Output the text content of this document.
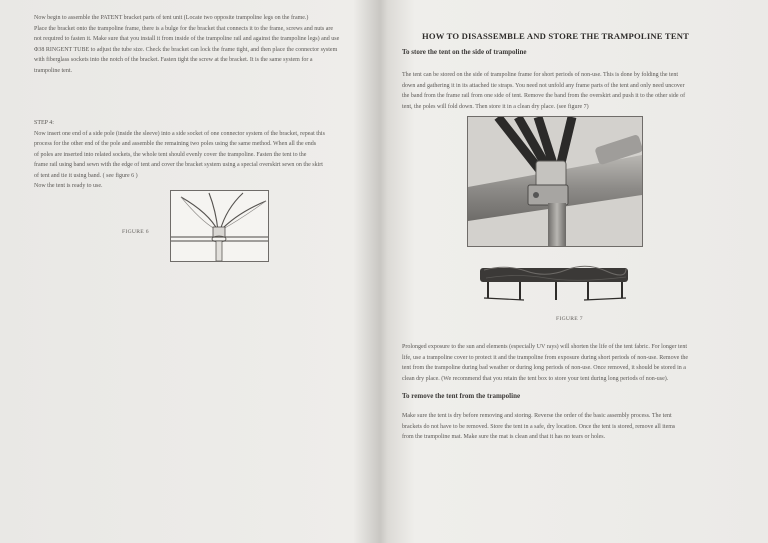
Now begin to assemble the PATENT bracket parts of tent unit (Locate two opposite trampoline legs on the frame.)
Place the bracket onto the trampoline frame, there is a bulge for the bracket that connects it to the frame, screws and nuts are
not required to fasten it. Make sure that you install it from inside of the trampoline rail and against the trampoline legs) and use
Φ38 RINGENT TUBE to adjust the tube size. Check the bracket can lock the frame tight, and then place the connector system
with fiberglass sockets into the notch of the bracket. Fasten tight the screw at the bracket. It is the same system for a
trampoline tent.
STEP 4:
Now insert one end of a side pole (inside the sleeve) into a side socket of one connector system of the bracket, repeat this
process for the other end of the pole and assemble the remaining two poles using the same method. When all the ends
of poles are inserted into related sockets, the whole tent should evenly cover the trampoline. Fasten the tent to the
frame rail using band sewn with the edge of tent and cover the bracket system using a special overskirt sewn on the skirt
of tent and tie it using band. ( see figure 6 )
Now the tent is ready to use.
FIGURE 6
HOW TO DISASSEMBLE AND STORE THE TRAMPOLINE TENT
To store the tent on the side of trampoline
The tent can be stored on the side of trampoline frame for short periods of non-use. This is done by folding the tent
down and gathering it in its attached tie straps. You need not unfold any frame parts of the tent and only need uncover
the band from the frame rail from one side of tent. Remove the band from the overskirt and push it to the other side of
tent, the poles will fold down. Then store it in a clean dry place. (see figure 7)
FIGURE 7
Prolonged exposure to the sun and elements (especially UV rays) will shorten the life of the tent fabric. For longer tent
life, use a trampoline cover to protect it and the trampoline from exposure during short periods of non-use. Remove the
tent from the trampoline during bad weather or during long periods of non-use. Once removed, it should be stored in a
clean dry place. (We recommend that you retain the tent box to store your tent during long periods of non-use).
To remove the tent from the trampoline
Make sure the tent is dry before removing and storing. Reverse the order of the basic assembly process. The tent
brackets do not have to be removed. Store the tent in a safe, dry location. Once the tent is stored, remove all items
from the trampoline mat. Make sure the mat is clean and that it has no tears or holes.
